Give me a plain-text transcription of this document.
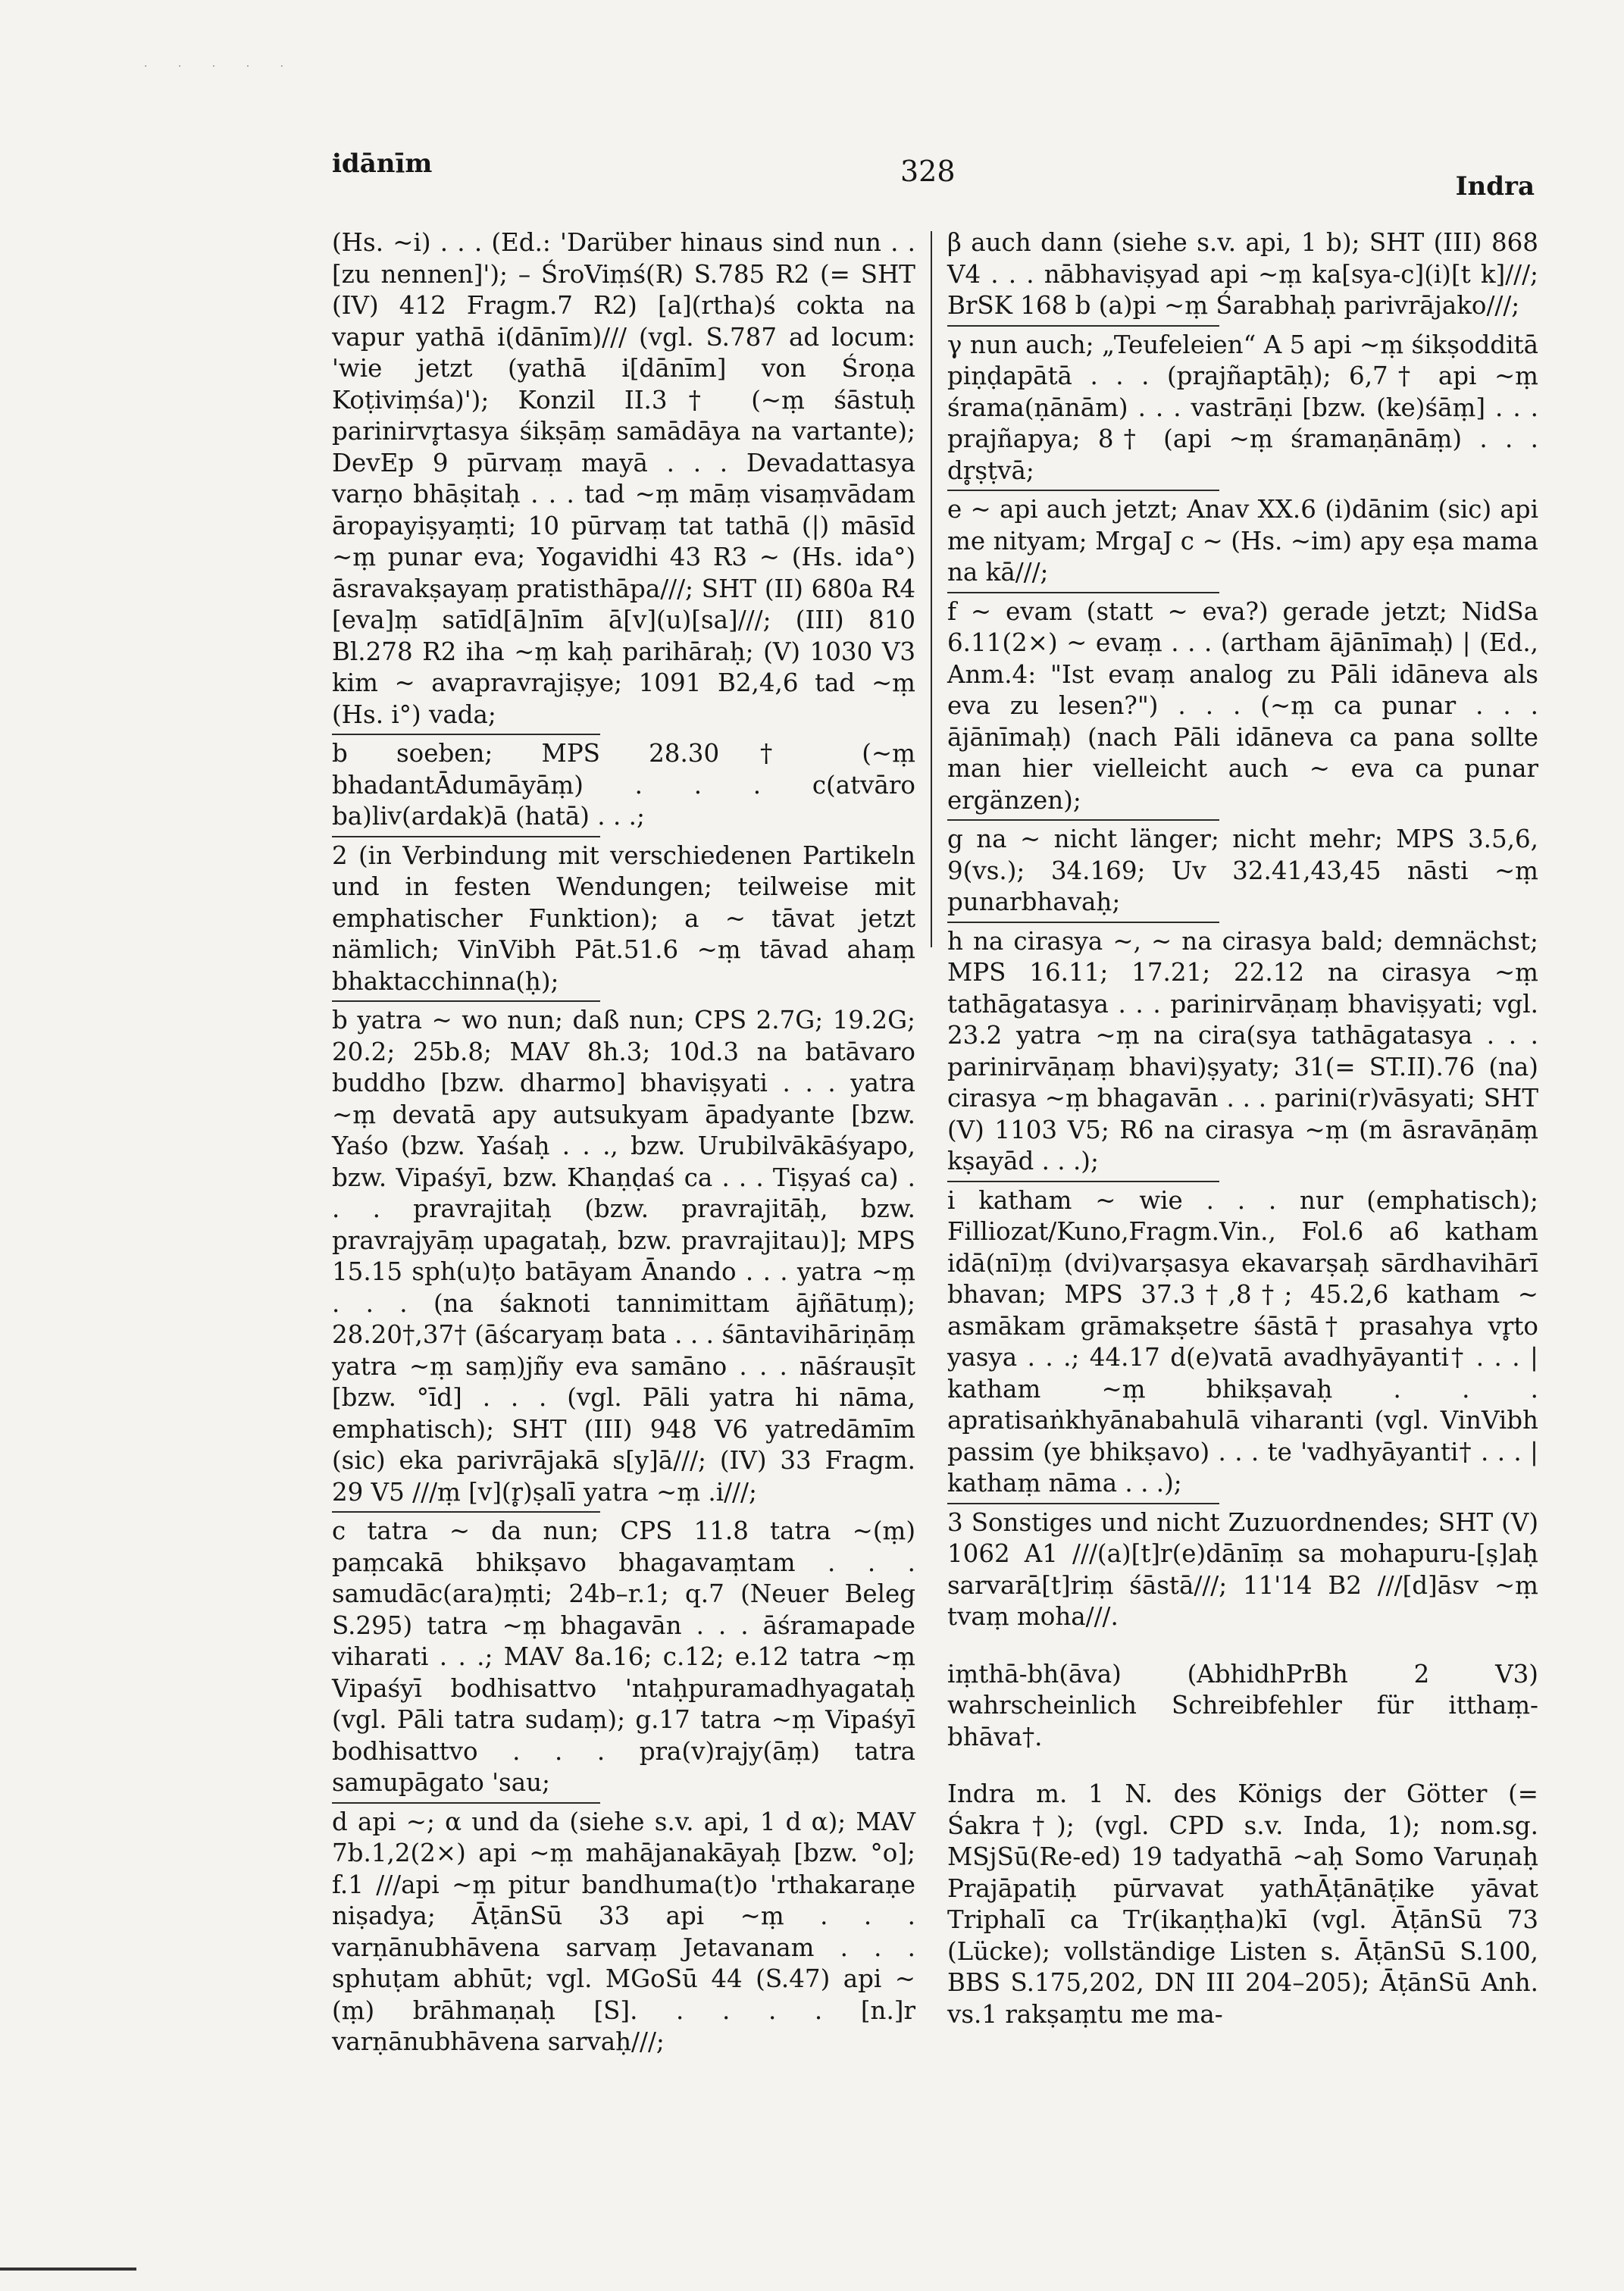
· · · · ·
idānīm	328	Indra

(Hs. ~i) . . . (Ed.: 'Darüber hinaus sind nun . . [zu nennen]'); – ŚroViṃś(R) S.785 R2 (= SHT (IV) 412 Fragm.7 R2) [a](rtha)ś cokta na vapur yathā i(dānīm)/// (vgl. S.787 ad locum: 'wie jetzt (yathā i[dānīm] von Śroṇa Koṭiviṃśa)'); Konzil II.3† (~ṃ śāstuḥ parinirvr̥tasya śikṣāṃ samādāya na vartante); DevEp 9 pūrvaṃ mayā . . . Devadattasya varṇo bhāṣitaḥ . . . tad ~ṃ māṃ visaṃvādam āropayiṣyaṃti; 10 pūrvaṃ tat tathā (|) māsīd ~ṃ punar eva; Yogavidhi 43 R3 ~ (Hs. ida°) āsravakṣayaṃ pratisthāpa///; SHT (II) 680a R4 [eva]ṃ satīd[ā]nīm ā[v](u)[sa]///; (III) 810 Bl.278 R2 iha ~ṃ kaḥ parihāraḥ; (V) 1030 V3 kim ~ avapravrajiṣye; 1091 B2,4,6 tad ~ṃ (Hs. i°) vada;

b soeben; MPS 28.30† (~ṃ bhadantĀdumāyāṃ) . . . c(atvāro ba)liv(ardak)ā (hatā) . . .;

2 (in Verbindung mit verschiedenen Partikeln und in festen Wendungen; teilweise mit emphatischer Funktion); a ~ tāvat jetzt nämlich; VinVibh Pāt.51.6 ~ṃ tāvad ahaṃ bhaktacchinna(ḥ);

b yatra ~ wo nun; daß nun; CPS 2.7G; 19.2G; 20.2; 25b.8; MAV 8h.3; 10d.3 na batāvaro buddho [bzw. dharmo] bhaviṣyati . . . yatra ~ṃ devatā apy autsukyam āpadyante [bzw. Yaśo (bzw. Yaśaḥ . . ., bzw. Urubilvākāśyapo, bzw. Vipaśyī, bzw. Khaṇḍaś ca . . . Tiṣyaś ca) . . . pravrajitaḥ (bzw. pravrajitāḥ, bzw. pravrajyāṃ upagataḥ, bzw. pravrajitau)]; MPS 15.15 sph(u)ṭo batāyam Ānando . . . yatra ~ṃ . . . (na śaknoti tannimittam ājñātuṃ); 28.20†,37† (āścaryaṃ bata . . . śāntavihāriṇāṃ yatra ~ṃ saṃ)jñy eva samāno . . . nāśrauṣīt [bzw. °īd] . . . (vgl. Pāli yatra hi nāma, emphatisch); SHT (III) 948 V6 yatredāmīm (sic) eka parivrājakā s[y]ā///; (IV) 33 Fragm. 29 V5 ///ṃ [v](r̥)ṣalī yatra ~ṃ .i///;

c tatra ~ da nun; CPS 11.8 tatra ~(ṃ) paṃcakā bhikṣavo bhagavaṃtam . . . samudāc(ara)ṃti; 24b–r.1; q.7 (Neuer Beleg S.295) tatra ~ṃ bhagavān . . . āśramapade viharati . . .; MAV 8a.16; c.12; e.12 tatra ~ṃ Vipaśyī bodhisattvo 'ntaḥpuramadhyagataḥ (vgl. Pāli tatra sudaṃ); g.17 tatra ~ṃ Vipaśyī bodhisattvo . . . pra(v)rajy(āṃ) tatra samupāgato 'sau;

d api ~; α und da (siehe s.v. api, 1 d α); MAV 7b.1,2(2×) api ~ṃ mahājanakāyaḥ [bzw. °o]; f.1 ///api ~ṃ pitur bandhuma(t)o 'rthakaraṇe niṣadya; ĀṭānSū 33 api ~ṃ . . . varṇānubhāvena sarvaṃ Jetavanam . . . sphuṭam abhūt; vgl. MGoSū 44 (S.47) api ~(ṃ) brāhmaṇaḥ [S]. . . . . [n.]r varṇānubhāvena sarvaḥ///;

β auch dann (siehe s.v. api, 1 b); SHT (III) 868 V4 . . . nābhaviṣyad api ~ṃ ka[sya-c](i)[t k]///; BrSK 168 b (a)pi ~ṃ Śarabhaḥ parivrājako///;

γ nun auch; „Teufeleien“ A 5 api ~ṃ śikṣodditā piṇḍapātā . . . (prajñaptāḥ); 6,7† api ~ṃ śrama(ṇānām) . . . vastrāṇi [bzw. (ke)śāṃ] . . . prajñapya; 8† (api ~ṃ śramaṇānāṃ) . . . dr̥ṣṭvā;

e ~ api auch jetzt; Anav XX.6 (i)dānim (sic) api me nityam; MrgaJ c ~ (Hs. ~im) apy eṣa mama na kā///;

f ~ evam (statt ~ eva?) gerade jetzt; NidSa 6.11(2×) ~ evaṃ . . . (artham ājānīmaḥ) | (Ed., Anm.4: "Ist evaṃ analog zu Pāli idāneva als eva zu lesen?") . . . (~ṃ ca punar . . . ājānīmaḥ) (nach Pāli idāneva ca pana sollte man hier vielleicht auch ~ eva ca punar ergänzen);

g na ~ nicht länger; nicht mehr; MPS 3.5,6, 9(vs.); 34.169; Uv 32.41,43,45 nāsti ~ṃ punarbhavaḥ;

h na cirasya ~, ~ na cirasya bald; demnächst; MPS 16.11; 17.21; 22.12 na cirasya ~ṃ tathāgatasya . . . parinirvāṇaṃ bhaviṣyati; vgl. 23.2 yatra ~ṃ na cira(sya tathāgatasya . . . parinirvāṇaṃ bhavi)ṣyaty; 31(= ST.II).76 (na) cirasya ~ṃ bhagavān . . . parini(r)vāsyati; SHT (V) 1103 V5; R6 na cirasya ~ṃ (m āsravāṇāṃ kṣayād . . .);

i katham ~ wie . . . nur (emphatisch); Filliozat/Kuno,Fragm.Vin., Fol.6 a6 katham idā(nī)ṃ (dvi)varṣasya ekavarṣaḥ sārdhavihārī bhavan; MPS 37.3†,8†; 45.2,6 katham ~ asmākam grāmakṣetre śāstā† prasahya vr̥to yasya . . .; 44.17 d(e)vatā avadhyāyanti† . . . | katham ~ṃ bhikṣavaḥ . . . apratisaṅkhyānabahulā viharanti (vgl. VinVibh passim (ye bhikṣavo) . . . te 'vadhyāyanti† . . . | kathaṃ nāma . . .);

3 Sonstiges und nicht Zuzuordnendes; SHT (V) 1062 A1 ///(a)[t]r(e)dānīṃ sa mohapuru-[ṣ]aḥ sarvarā[t]riṃ śāstā///; 11'14 B2 ///[d]āsv ~ṃ tvaṃ moha///.

iṃthā-bh(āva) (AbhidhPrBh 2 V3) wahrscheinlich Schreibfehler für itthaṃ-bhāva†.

Indra m. 1 N. des Königs der Götter (= Śakra†); (vgl. CPD s.v. Inda, 1); nom.sg. MSjSū(Re-ed) 19 tadyathā ~aḥ Somo Varuṇaḥ Prajāpatiḥ pūrvavat yathĀṭānāṭike yāvat Triphalī ca Tr(ikaṇṭha)kī (vgl. ĀṭānSū 73 (Lücke); vollständige Listen s. ĀṭānSū S.100, BBS S.175,202, DN III 204–205); ĀṭānSū Anh. vs.1 rakṣaṃtu me ma-
